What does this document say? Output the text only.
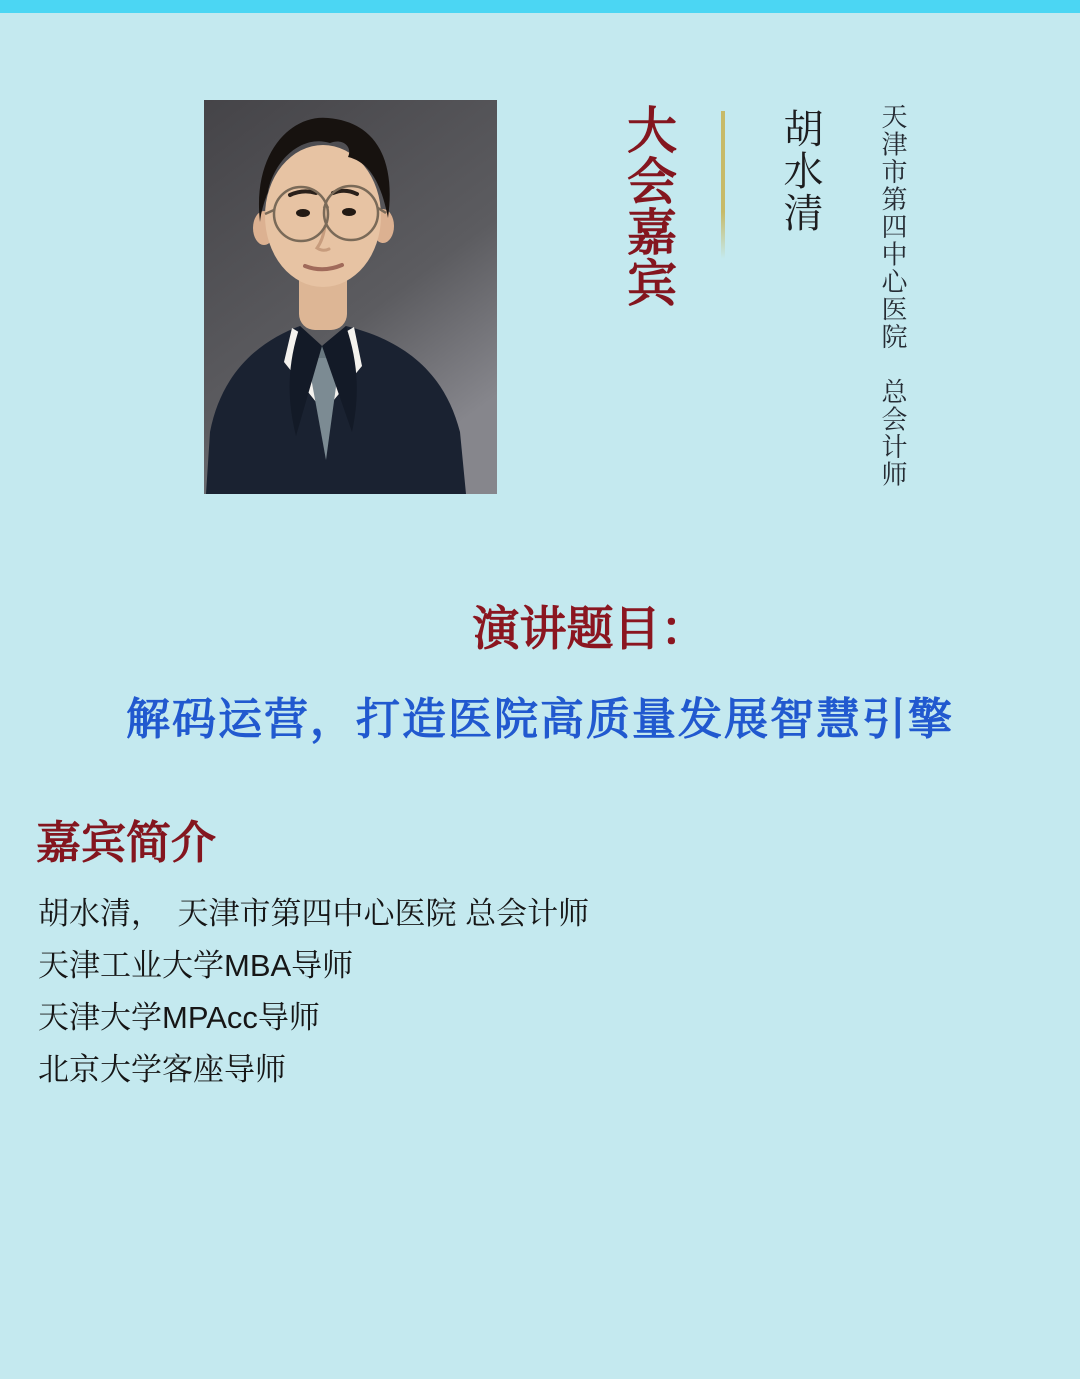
大会嘉宾	胡水清 天津市第四中心医院　总会计师
演讲题目：
解码运营，打造医院高质量发展智慧引擎
嘉宾简介

胡水清，　天津市第四中心医院 总会计师

天津工业大学MBA导师

天津大学MPAcc导师

北京大学客座导师
